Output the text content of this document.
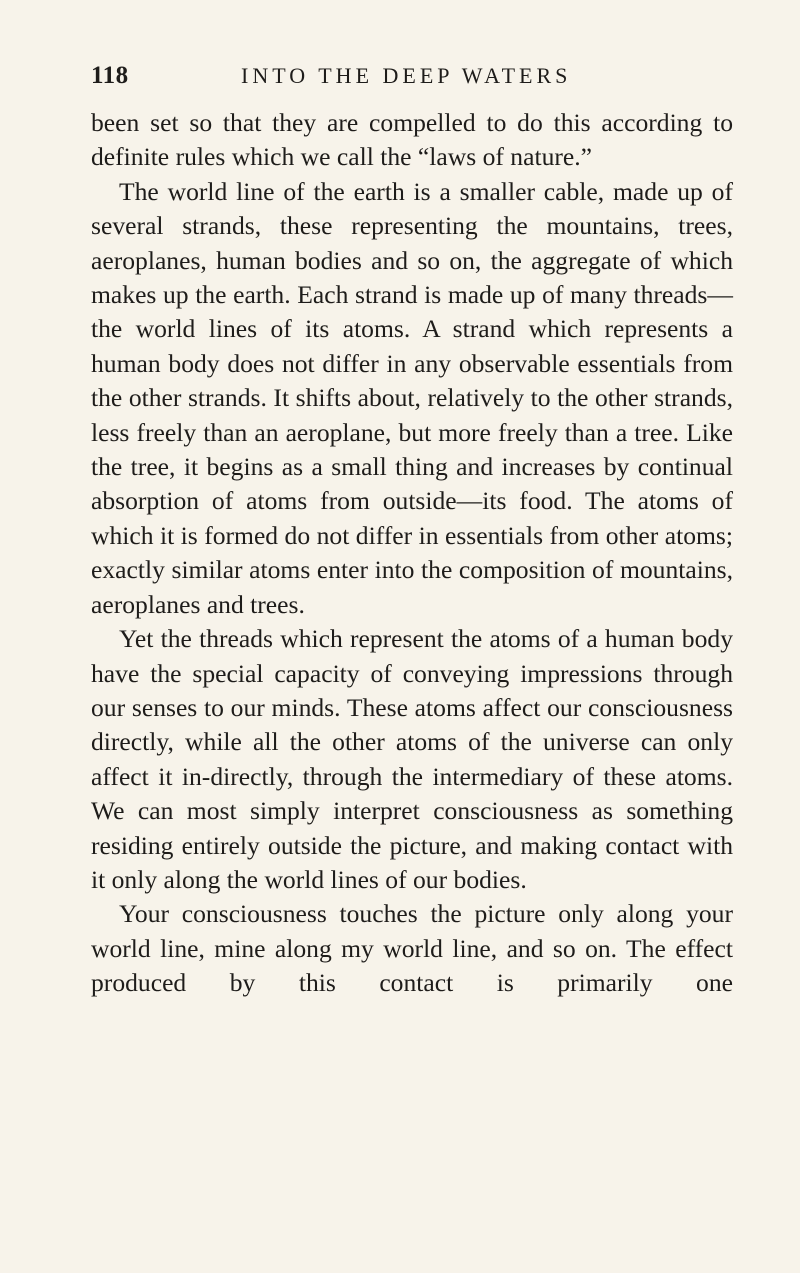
118	INTO THE DEEP WATERS

been set so that they are compelled to do this according to definite rules which we call the “laws of nature.”

The world line of the earth is a smaller cable, made up of several strands, these representing the mountains, trees, aeroplanes, human bodies and so on, the aggregate of which makes up the earth. Each strand is made up of many threads—the world lines of its atoms. A strand which represents a human body does not differ in any observable essentials from the other strands. It shifts about, relatively to the other strands, less freely than an aeroplane, but more freely than a tree. Like the tree, it begins as a small thing and increases by continual absorption of atoms from outside—its food. The atoms of which it is formed do not differ in essentials from other atoms; exactly similar atoms enter into the composition of mountains, aeroplanes and trees.

Yet the threads which represent the atoms of a human body have the special capacity of conveying impressions through our senses to our minds. These atoms affect our consciousness directly, while all the other atoms of the universe can only affect it in-directly, through the intermediary of these atoms. We can most simply interpret consciousness as something residing entirely outside the picture, and making contact with it only along the world lines of our bodies.

Your consciousness touches the picture only along your world line, mine along my world line, and so on. The effect produced by this contact is primarily one
